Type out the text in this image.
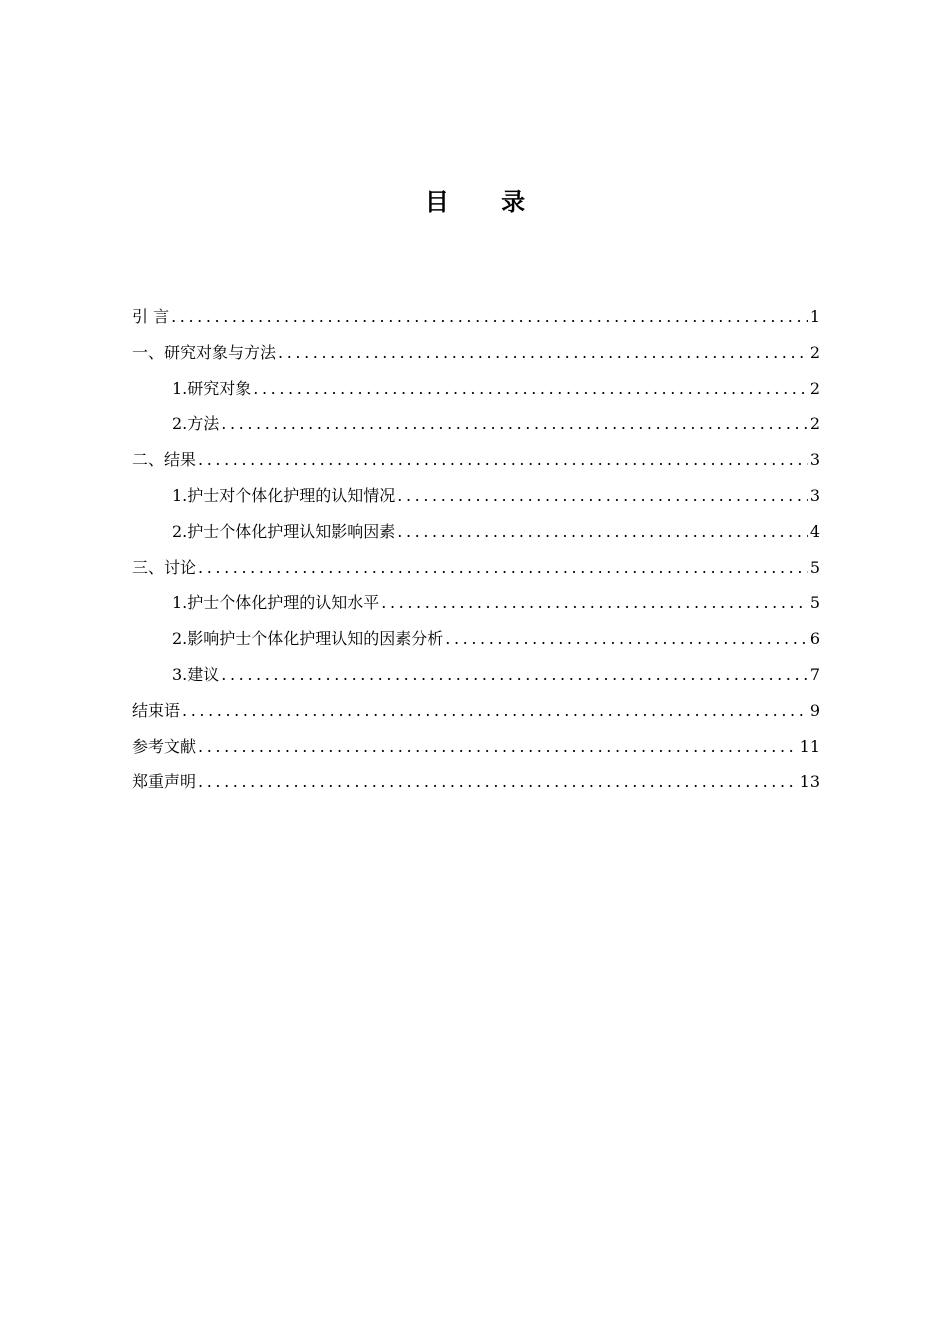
目 录
引 言 .....	1
一、研究对象与方法 .....	2
1.研究对象 .....	2
2.方法 .....	2
二、结果 .....	3
1.护士对个体化护理的认知情况 .....	3
2.护士个体化护理认知影响因素 .....	4
三、讨论 .....	5
1.护士个体化护理的认知水平 .....	5
2.影响护士个体化护理认知的因素分析 .....	6
3.建议 .....	7
结束语 .....	9
参考文献 .....	11
郑重声明 .....	13
